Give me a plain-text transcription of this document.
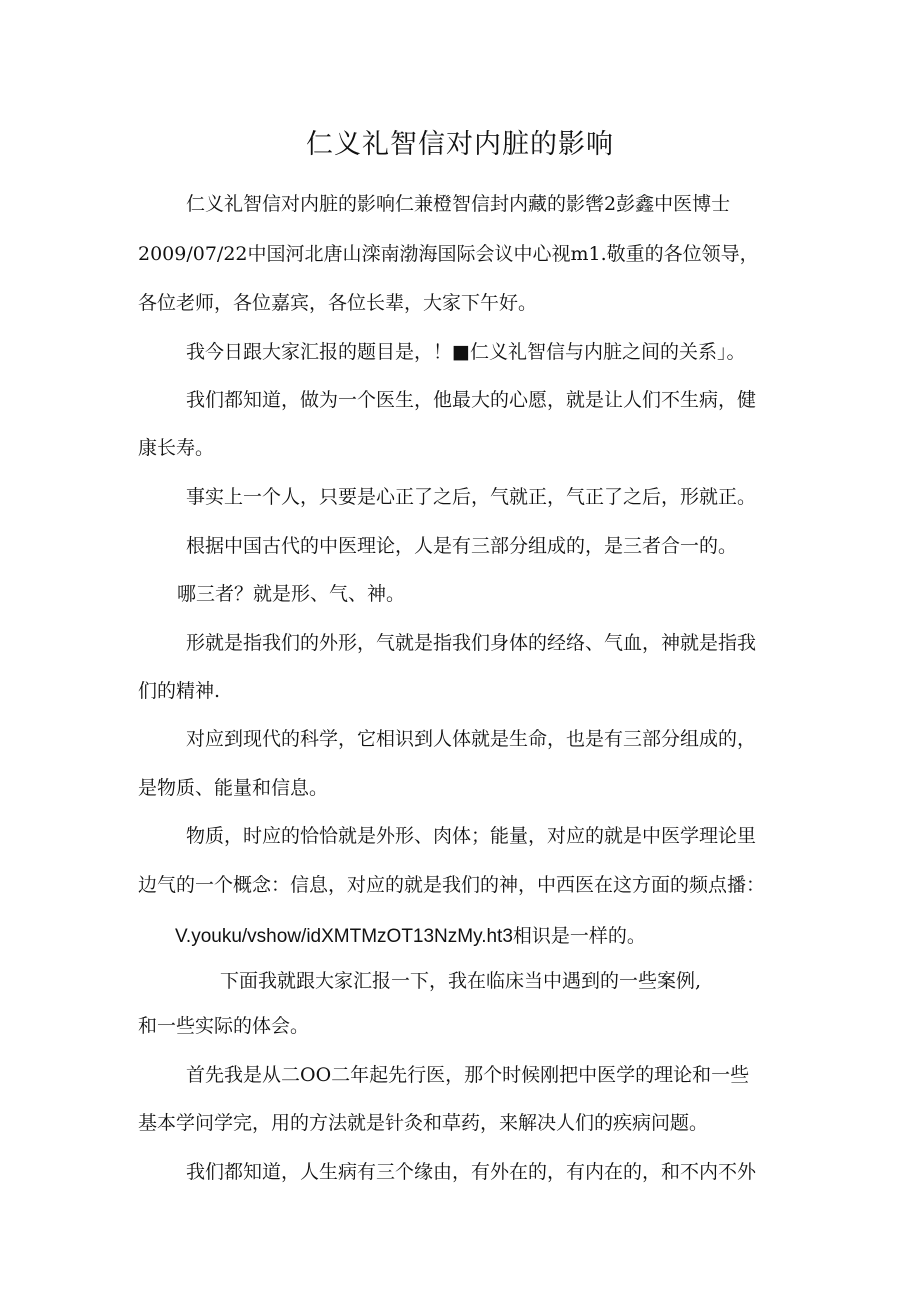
仁义礼智信对内脏的影响
仁义礼智信对内脏的影响仁兼橙智信封内藏的影辔2彭鑫中医博士
2009/07/22中国河北唐山滦南渤海国际会议中心视m1.敬重的各位领导，
各位老师，各位嘉宾，各位长辈，大家下午好。
我今日跟大家汇报的题目是，！■仁义礼智信与内脏之间的关系」。
我们都知道，做为一个医生，他最大的心愿，就是让人们不生病，健
康长寿。
事实上一个人，只要是心正了之后，气就正，气正了之后，形就正。
根据中国古代的中医理论，人是有三部分组成的，是三者合一的。
哪三者？就是形、气、神。
形就是指我们的外形，气就是指我们身体的经络、气血，神就是指我
们的精神.
对应到现代的科学，它相识到人体就是生命，也是有三部分组成的，
是物质、能量和信息。
物质，时应的恰恰就是外形、肉体；能量，对应的就是中医学理论里
边气的一个概念：信息，对应的就是我们的神，中西医在这方面的频点播：
V.youku/vshow/idXMTMzOT13NzMy.ht3相识是一样的。
下面我就跟大家汇报一下，我在临床当中遇到的一些案例,
和一些实际的体会。
首先我是从二OO二年起先行医，那个时候刚把中医学的理论和一些
基本学问学完，用的方法就是针灸和草药，来解决人们的疾病问题。
我们都知道，人生病有三个缘由，有外在的，有内在的，和不内不外
